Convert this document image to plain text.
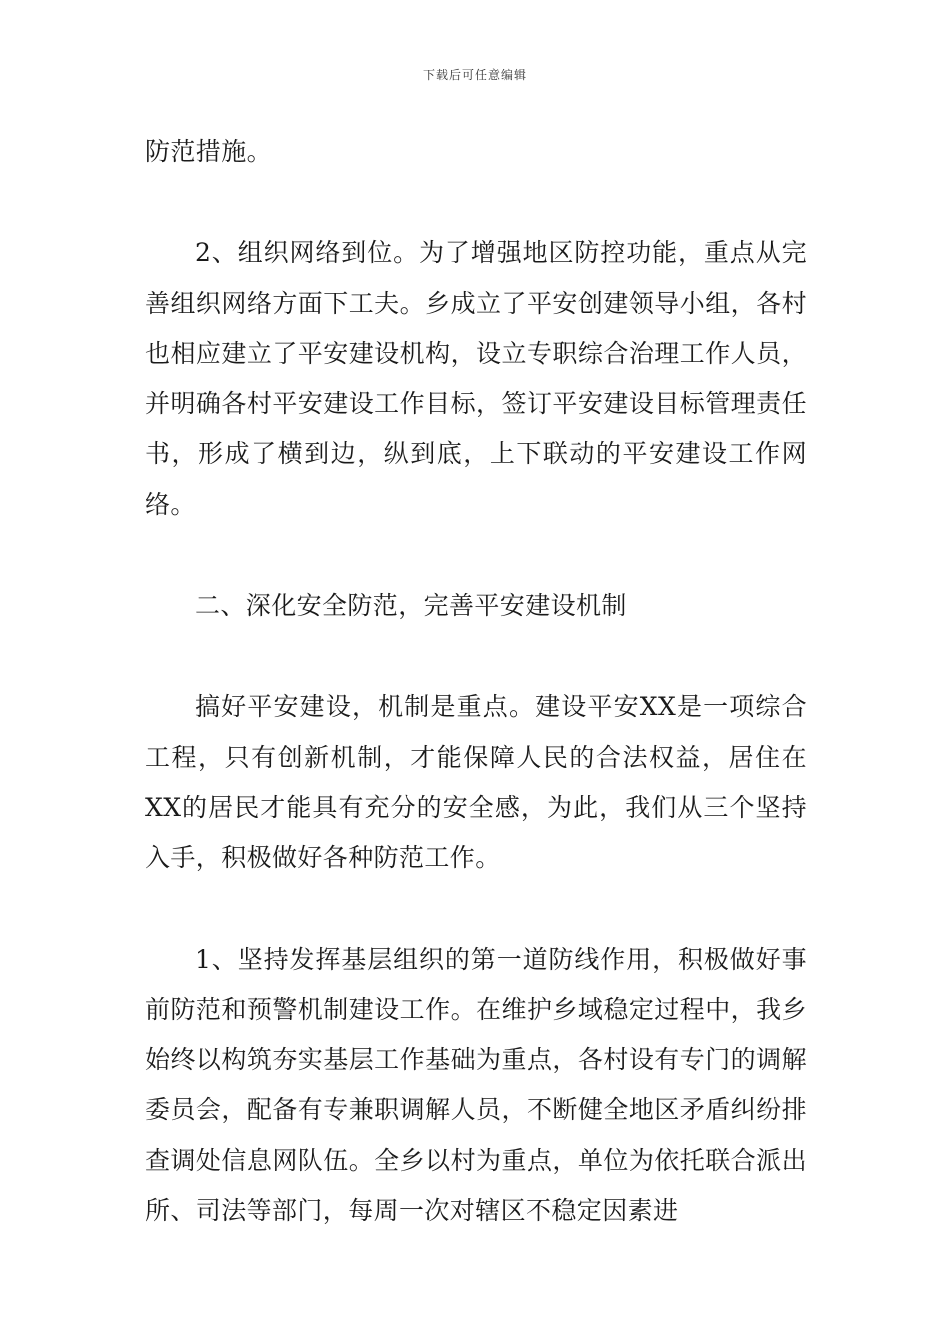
下载后可任意编辑

防范措施。

2、组织网络到位。为了增强地区防控功能，重点从完善组织网络方面下工夫。乡成立了平安创建领导小组，各村也相应建立了平安建设机构，设立专职综合治理工作人员，并明确各村平安建设工作目标，签订平安建设目标管理责任书，形成了横到边，纵到底，上下联动的平安建设工作网络。

二、深化安全防范，完善平安建设机制

搞好平安建设，机制是重点。建设平安XX是一项综合工程，只有创新机制，才能保障人民的合法权益，居住在XX的居民才能具有充分的安全感，为此，我们从三个坚持入手，积极做好各种防范工作。

1、坚持发挥基层组织的第一道防线作用，积极做好事前防范和预警机制建设工作。在维护乡域稳定过程中，我乡始终以构筑夯实基层工作基础为重点，各村设有专门的调解委员会，配备有专兼职调解人员，不断健全地区矛盾纠纷排查调处信息网队伍。全乡以村为重点，单位为依托联合派出所、司法等部门，每周一次对辖区不稳定因素进
